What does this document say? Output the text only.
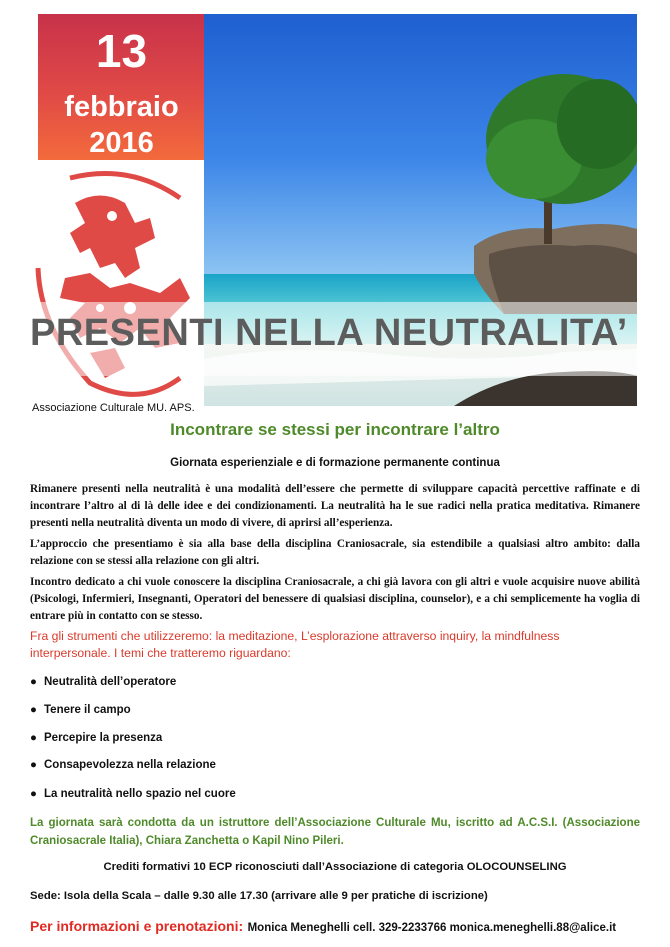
13
febbraio
2016
PRESENTI NELLA NEUTRALITA’
Associazione Culturale MU. APS.
Incontrare se stessi per incontrare l’altro
Giornata esperienziale e di formazione permanente continua
Rimanere presenti nella neutralità è una modalità dell’essere che permette di sviluppare capacità percettive raffinate e di incontrare l’altro al di là delle idee e dei condizionamenti. La neutralità ha le sue radici nella pratica meditativa. Rimanere presenti nella neutralità diventa un modo di vivere, di aprirsi all’esperienza.
L’approccio che presentiamo è sia alla base della disciplina Craniosacrale, sia estendibile a qualsiasi altro ambito: dalla relazione con se stessi alla relazione con gli altri.
Incontro dedicato a chi vuole conoscere la disciplina Craniosacrale, a chi già lavora con gli altri e vuole acquisire nuove abilità (Psicologi, Infermieri, Insegnanti, Operatori del benessere di qualsiasi disciplina, counselor), e a chi semplicemente ha voglia di entrare più in contatto con se stesso.
Fra gli strumenti che utilizzeremo: la meditazione, L’esplorazione attraverso inquiry, la mindfulness interpersonale. I temi che tratteremo riguardano:
● Neutralità dell’operatore
● Tenere il campo
● Percepire la presenza
● Consapevolezza nella relazione
● La neutralità nello spazio nel cuore
La giornata sarà condotta da un istruttore dell’Associazione Culturale Mu, iscritto ad A.C.S.I. (Associazione Craniosacrale Italia), Chiara Zanchetta o Kapil Nino Pileri.
Crediti formativi 10 ECP riconosciuti dall’Associazione di categoria OLOCOUNSELING
Sede: Isola della Scala – dalle 9.30 alle 17.30 (arrivare alle 9 per pratiche di iscrizione)
Per informazioni e prenotazioni: Monica Meneghelli cell. 329-2233766 monica.meneghelli.88@alice.it
